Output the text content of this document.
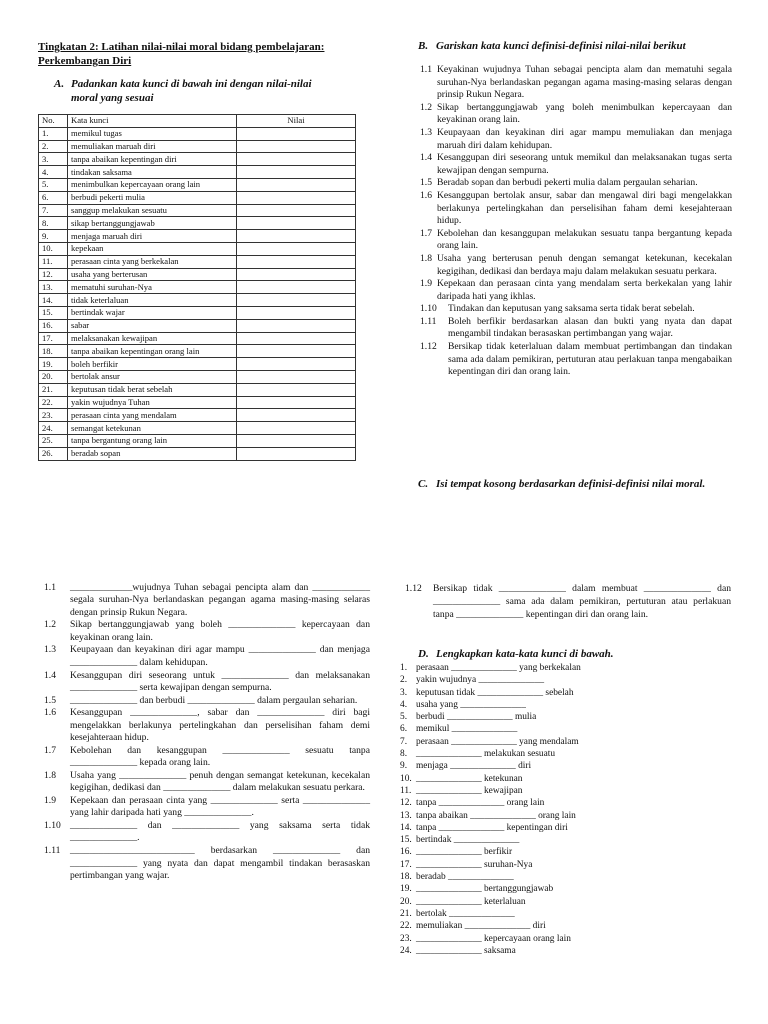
Tingkatan 2: Latihan nilai-nilai moral bidang pembelajaran:
Perkembangan Diri
A. Padankan kata kunci di bawah ini dengan nilai-nilai
moral yang sesuai
No.	Kata kunci	Nilai
1.	memikul tugas	
2.	memuliakan maruah diri	
3.	tanpa abaikan kepentingan diri	
4.	tindakan saksama	
5.	menimbulkan kepercayaan orang lain	
6.	berbudi pekerti mulia	
7.	sanggup melakukan sesuatu	
8.	sikap bertanggungjawab	
9.	menjaga maruah diri	
10.	kepekaan	
11.	perasaan cinta yang berkekalan	
12.	usaha yang berterusan	
13.	mematuhi suruhan-Nya	
14.	tidak keterlaluan	
15.	bertindak wajar	
16.	sabar	
17.	melaksanakan kewajipan	
18.	tanpa abaikan kepentingan orang lain	
19.	boleh berfikir	
20.	bertolak ansur	
21.	keputusan tidak berat sebelah	
22.	yakin wujudnya Tuhan	
23.	perasaan cinta yang mendalam	
24.	semangat ketekunan	
25.	tanpa bergantung orang lain	
26.	beradab sopan	
B. Gariskan kata kunci definisi-definisi nilai-nilai berikut
1.1 Keyakinan wujudnya Tuhan sebagai pencipta alam dan mematuhi segala suruhan-Nya berlandaskan pegangan agama masing-masing selaras dengan prinsip Rukun Negara.
1.2 Sikap bertanggungjawab yang boleh menimbulkan kepercayaan dan keyakinan orang lain.
1.3 Keupayaan dan keyakinan diri agar mampu memuliakan dan menjaga maruah diri dalam kehidupan.
1.4 Kesanggupan diri seseorang untuk memikul dan melaksanakan tugas serta kewajipan dengan sempurna.
1.5 Beradab sopan dan berbudi pekerti mulia dalam pergaulan seharian.
1.6 Kesanggupan bertolak ansur, sabar dan mengawal diri bagi mengelakkan berlakunya pertelingkahan dan perselisihan faham demi kesejahteraan hidup.
1.7 Kebolehan dan kesanggupan melakukan sesuatu tanpa bergantung kepada orang lain.
1.8 Usaha yang berterusan penuh dengan semangat ketekunan, kecekalan kegigihan, dedikasi dan berdaya maju dalam melakukan sesuatu perkara.
1.9 Kepekaan dan perasaan cinta yang mendalam serta berkekalan yang lahir daripada hati yang ikhlas.
1.10	Tindakan dan keputusan yang saksama serta tidak berat sebelah.
1.11	Boleh berfikir berdasarkan alasan dan bukti yang nyata dan dapat mengambil tindakan berasaskan pertimbangan yang wajar.
1.12	Bersikap tidak keterlaluan dalam membuat pertimbangan dan tindakan sama ada dalam pemikiran, pertuturan atau perlakuan tanpa mengabaikan kepentingan diri dan orang lain.
C. Isi tempat kosong berdasarkan definisi-definisi nilai moral.
1.1	_____________wujudnya Tuhan sebagai pencipta alam dan ____________ segala suruhan-Nya berlandaskan pegangan agama masing-masing selaras dengan prinsip Rukun Negara.
1.2	Sikap bertanggungjawab yang boleh ______________ kepercayaan dan keyakinan orang lain.
1.3	Keupayaan dan keyakinan diri agar mampu ______________ dan menjaga ______________ dalam kehidupan.
1.4	Kesanggupan diri seseorang untuk ______________ dan melaksanakan ______________ serta kewajipan dengan sempurna.
1.5	______________ dan berbudi ______________ dalam pergaulan seharian.
1.6	Kesanggupan ______________, sabar dan ______________ diri bagi mengelakkan berlakunya pertelingkahan dan perselisihan faham demi kesejahteraan hidup.
1.7	Kebolehan dan kesanggupan ______________ sesuatu tanpa ______________ kepada orang lain.
1.8	Usaha yang ______________ penuh dengan semangat ketekunan, kecekalan kegigihan, dedikasi dan ______________ dalam melakukan sesuatu perkara.
1.9	Kepekaan dan perasaan cinta yang ______________ serta ______________ yang lahir daripada hati yang ______________.
1.10 ______________ dan ______________ yang saksama serta tidak ______________.
1.11 __________________________ berdasarkan ______________ dan ______________ yang nyata dan dapat mengambil tindakan berasaskan pertimbangan yang wajar.
1.12	Bersikap tidak ______________ dalam membuat ______________ dan ______________ sama ada dalam pemikiran, pertuturan atau perlakuan tanpa ______________ kepentingan diri dan orang lain.
D. Lengkapkan kata-kata kunci di bawah.
1. perasaan ______________ yang berkekalan
2. yakin wujudnya ______________
3. keputusan tidak ______________ sebelah
4. usaha yang ______________
5. berbudi ______________ mulia
6. memikul ______________
7. perasaan ______________ yang mendalam
8. ______________ melakukan sesuatu
9. menjaga ______________ diri
10. ______________ ketekunan
11. ______________ kewajipan
12. tanpa ______________ orang lain
13. tanpa abaikan ______________ orang lain
14. tanpa ______________ kepentingan diri
15. bertindak ______________
16. ______________ berfikir
17. ______________ suruhan-Nya
18. beradab ______________
19. ______________ bertanggungjawab
20. ______________ keterlaluan
21. bertolak ______________
22. memuliakan ______________ diri
23. ______________ kepercayaan orang lain
24. ______________ saksama
